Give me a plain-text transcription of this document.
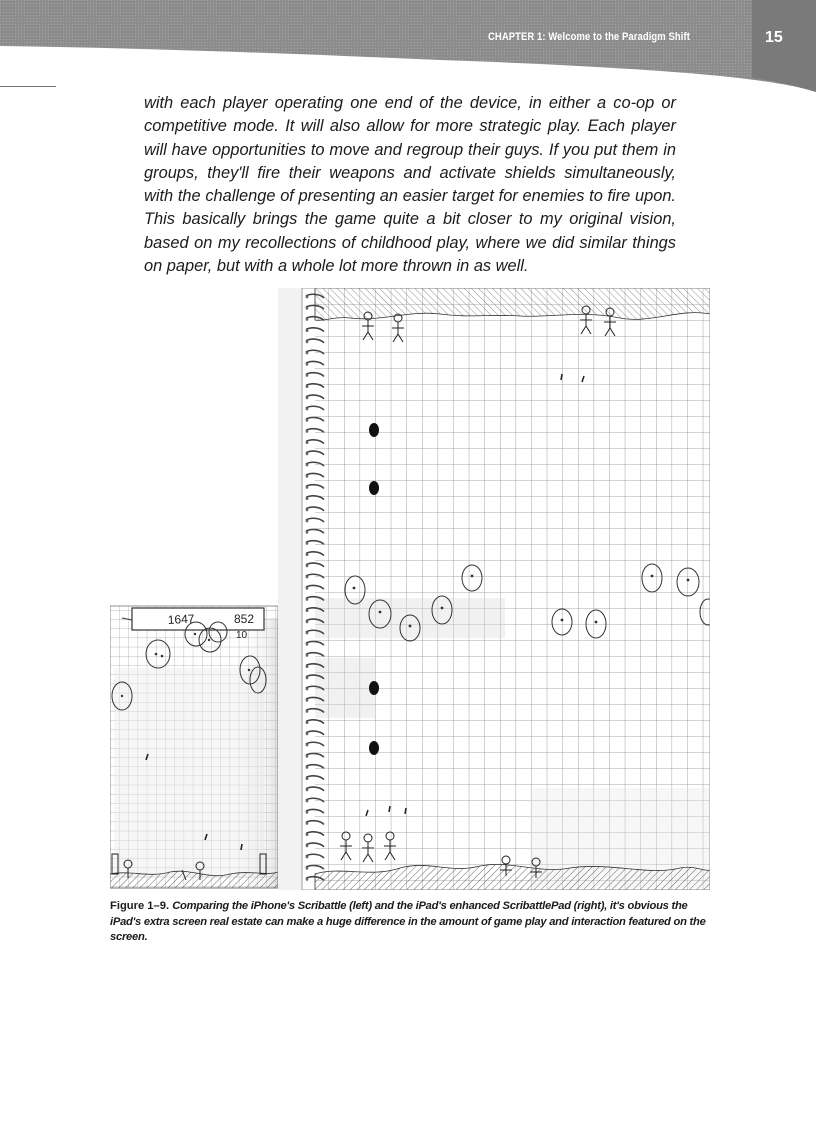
CHAPTER 1: Welcome to the Paradigm Shift	15

with each player operating one end of the device, in either a co-op or competitive mode. It will also allow for more strategic play. Each player will have opportunities to move and regroup their guys. If you put them in groups, they'll fire their weapons and activate shields simultaneously, with the challenge of presenting an easier target for enemies to fire upon. This basically brings the game quite a bit closer to my original vision, based on my recollections of childhood play, where we did similar things on paper, but with a whole lot more thrown in as well.

1647	852
10
Figure 1–9. Comparing the iPhone's Scribattle (left) and the iPad's enhanced ScribattlePad (right), it's obvious the iPad's extra screen real estate can make a huge difference in the amount of game play and interaction featured on the screen.
